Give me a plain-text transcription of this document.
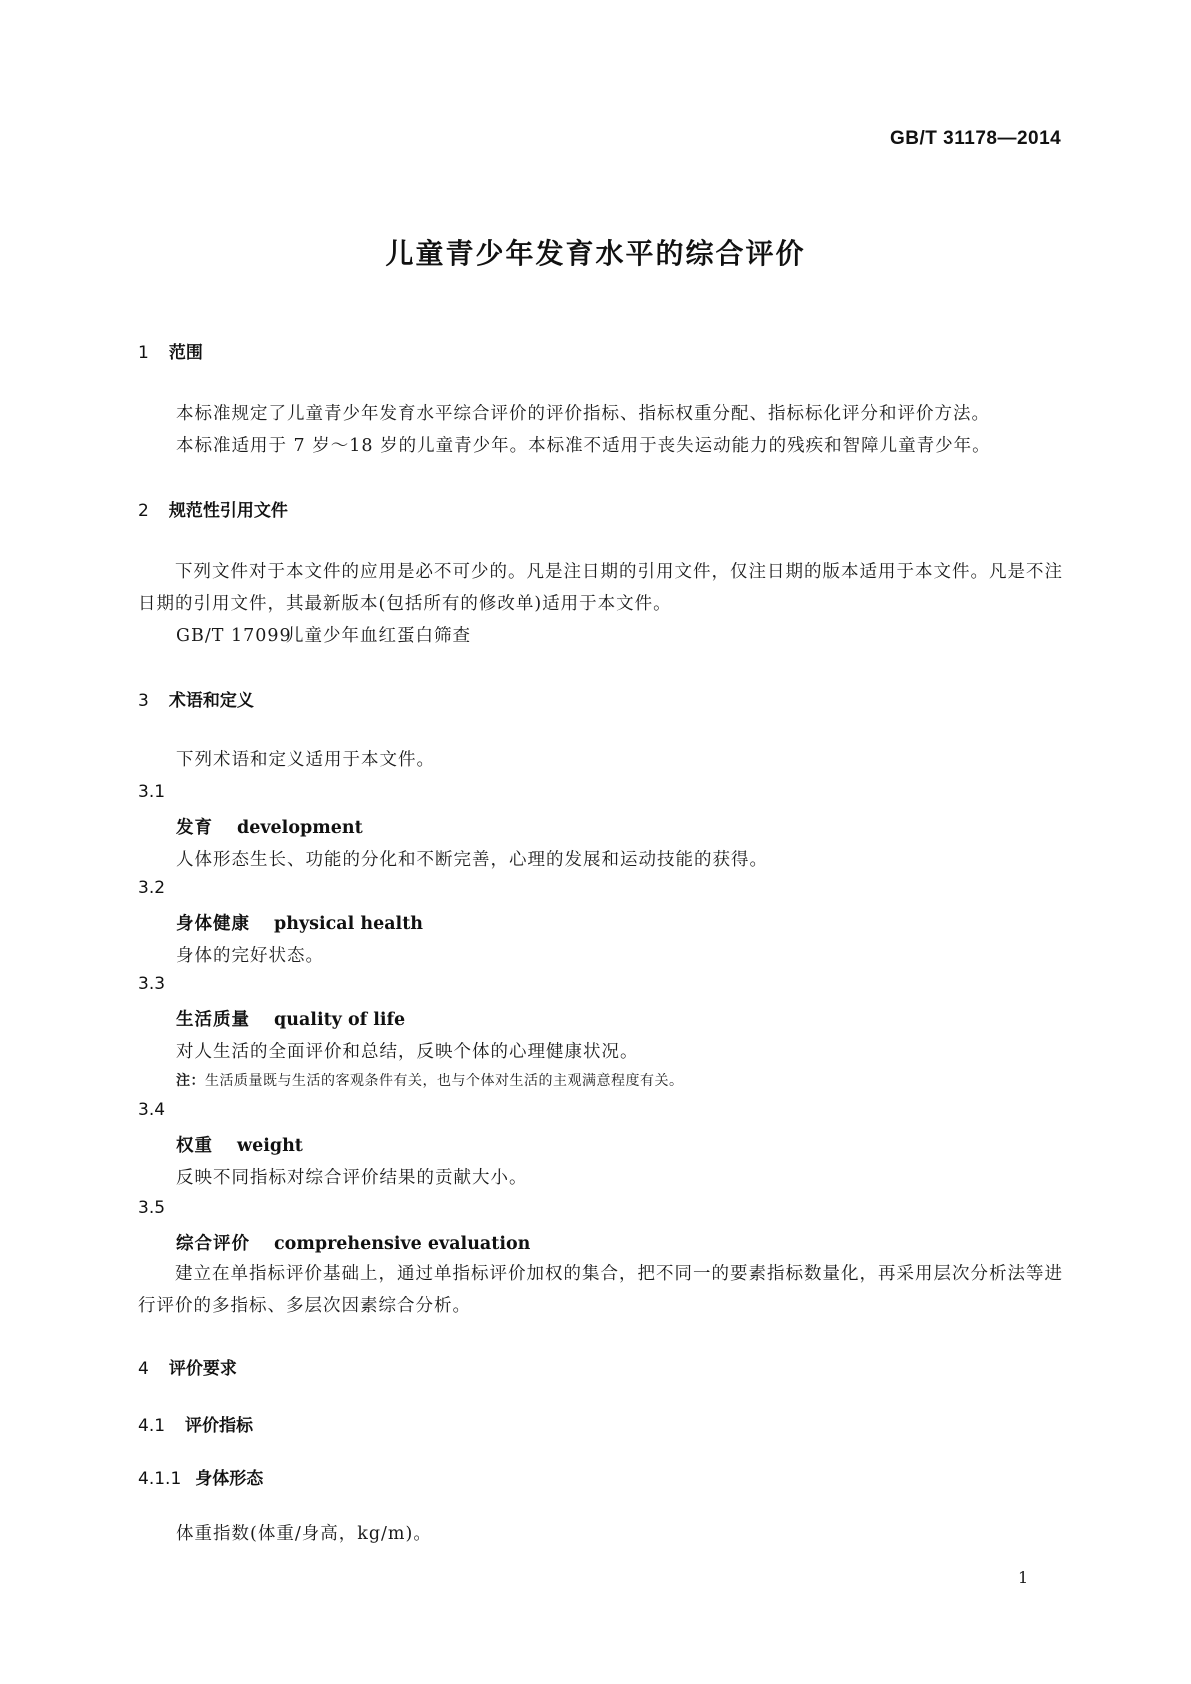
GB/T 31178—2014
儿童青少年发育水平的综合评价
1 范围
本标准规定了儿童青少年发育水平综合评价的评价指标、指标权重分配、指标标化评分和评价方法。
本标准适用于 7 岁～18 岁的儿童青少年。本标准不适用于丧失运动能力的残疾和智障儿童青少年。
2 规范性引用文件
下列文件对于本文件的应用是必不可少的。凡是注日期的引用文件，仅注日期的版本适用于本文件。凡是不注日期的引用文件，其最新版本(包括所有的修改单)适用于本文件。
GB/T 17099儿童少年血红蛋白筛查
3 术语和定义
下列术语和定义适用于本文件。
3.1
发育 development
人体形态生长、功能的分化和不断完善，心理的发展和运动技能的获得。
3.2
身体健康 physical health
身体的完好状态。
3.3
生活质量 quality of life
对人生活的全面评价和总结，反映个体的心理健康状况。
注：生活质量既与生活的客观条件有关，也与个体对生活的主观满意程度有关。
3.4
权重 weight
反映不同指标对综合评价结果的贡献大小。
3.5
综合评价 comprehensive evaluation
建立在单指标评价基础上，通过单指标评价加权的集合，把不同一的要素指标数量化，再采用层次分析法等进行评价的多指标、多层次因素综合分析。
4 评价要求
4.1 评价指标
4.1.1 身体形态
体重指数(体重/身高，kg/m)。
1
